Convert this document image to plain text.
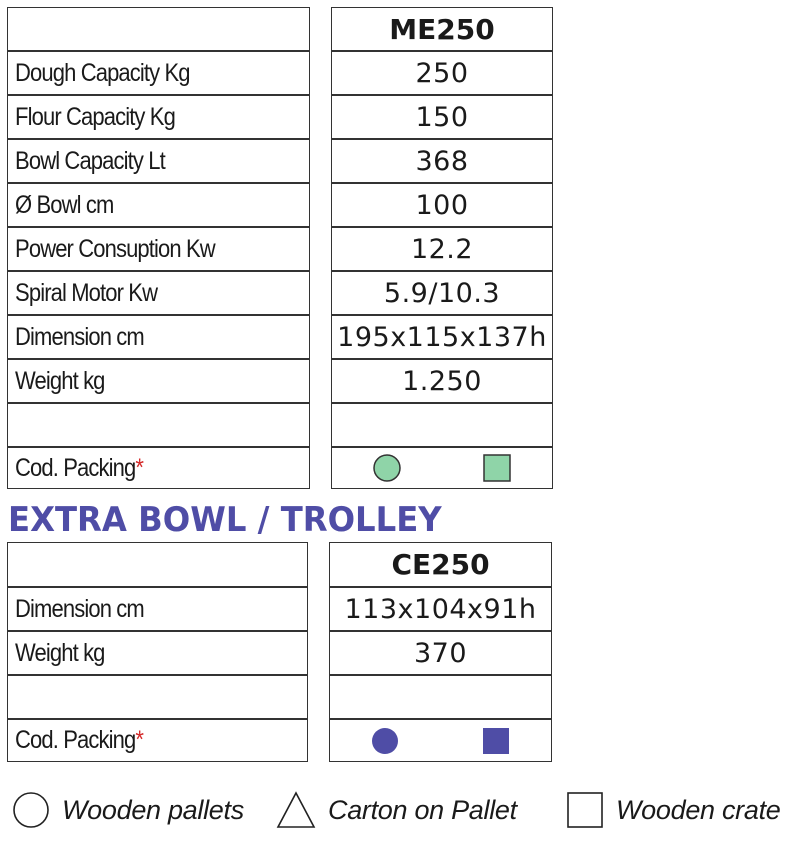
ME250
Dough Capacity Kg	250
Flour Capacity Kg	150
Bowl Capacity Lt	368
Ø Bowl cm	100
Power Consuption Kw	12.2
Spiral Motor Kw	5.9/10.3
Dimension cm	195x115x137h
Weight kg	1.250
Cod. Packing*
EXTRA BOWL / TROLLEY
CE250
Dimension cm	113x104x91h
Weight kg	370
Cod. Packing*
Wooden pallets	Carton on Pallet	Wooden crate
